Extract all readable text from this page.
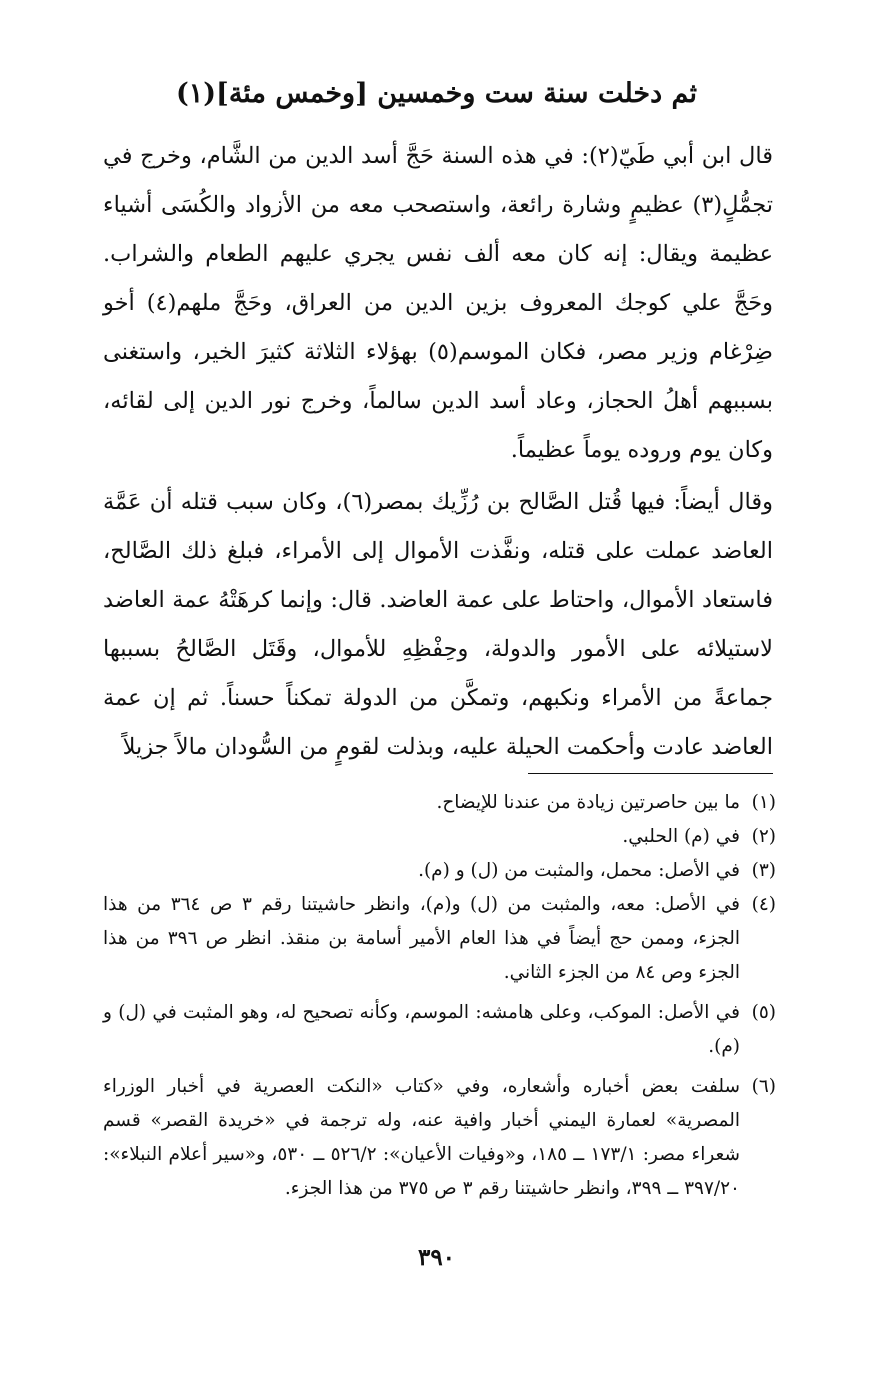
ثم دخلت سنة ست وخمسين [وخمس مئة](١)

قال ابن أبي طَيّ(٢): في هذه السنة حَجَّ أسد الدين من الشَّام، وخرج في تجمُّلٍ(٣) عظيمٍ وشارة رائعة، واستصحب معه من الأزواد والكُسَى أشياء عظيمة ويقال: إنه كان معه ألف نفس يجري عليهم الطعام والشراب. وحَجَّ علي كوجك المعروف بزين الدين من العراق، وحَجَّ ملهم(٤) أخو ضِرْغام وزير مصر، فكان الموسم(٥) بهؤلاء الثلاثة كثيرَ الخير، واستغنى بسببهم أهلُ الحجاز، وعاد أسد الدين سالماً، وخرج نور الدين إلى لقائه، وكان يوم وروده يوماً عظيماً.

وقال أيضاً: فيها قُتل الصَّالح بن رُزِّيك بمصر(٦)، وكان سبب قتله أن عَمَّة العاضد عملت على قتله، ونفَّذت الأموال إلى الأمراء، فبلغ ذلك الصَّالح، فاستعاد الأموال، واحتاط على عمة العاضد. قال: وإنما كرهَتْهُ عمة العاضد لاستيلائه على الأمور والدولة، وحِفْظِهِ للأموال، وقَتَل الصَّالحُ بسببها جماعةً من الأمراء ونكبهم، وتمكَّن من الدولة تمكناً حسناً. ثم إن عمة العاضد عادت وأحكمت الحيلة عليه، وبذلت لقومٍ من السُّودان مالاً جزيلاً

(١)
ما بين حاصرتين زيادة من عندنا للإيضاح.
(٢)
في (م) الحلبي.
(٣)
في الأصل: محمل، والمثبت من (ل) و (م).
(٤)
في الأصل: معه، والمثبت من (ل) و(م)، وانظر حاشيتنا رقم ٣ ص ٣٦٤ من هذا الجزء، وممن حج أيضاً في هذا العام الأمير أسامة بن منقذ. انظر ص ٣٩٦ من هذا الجزء وص ٨٤ من الجزء الثاني.
(٥)
في الأصل: الموكب، وعلى هامشه: الموسم، وكأنه تصحيح له، وهو المثبت في (ل) و (م).
(٦)
سلفت بعض أخباره وأشعاره، وفي «كتاب «النكت العصرية في أخبار الوزراء المصرية» لعمارة اليمني أخبار وافية عنه، وله ترجمة في «خريدة القصر» قسم شعراء مصر: ١٧٣/١ ــ ١٨٥، و«وفيات الأعيان»: ٥٢٦/٢ ــ ٥٣٠، و«سير أعلام النبلاء»: ٣٩٧/٢٠ ــ ٣٩٩، وانظر حاشيتنا رقم ٣ ص ٣٧٥ من هذا الجزء.
٣٩٠
